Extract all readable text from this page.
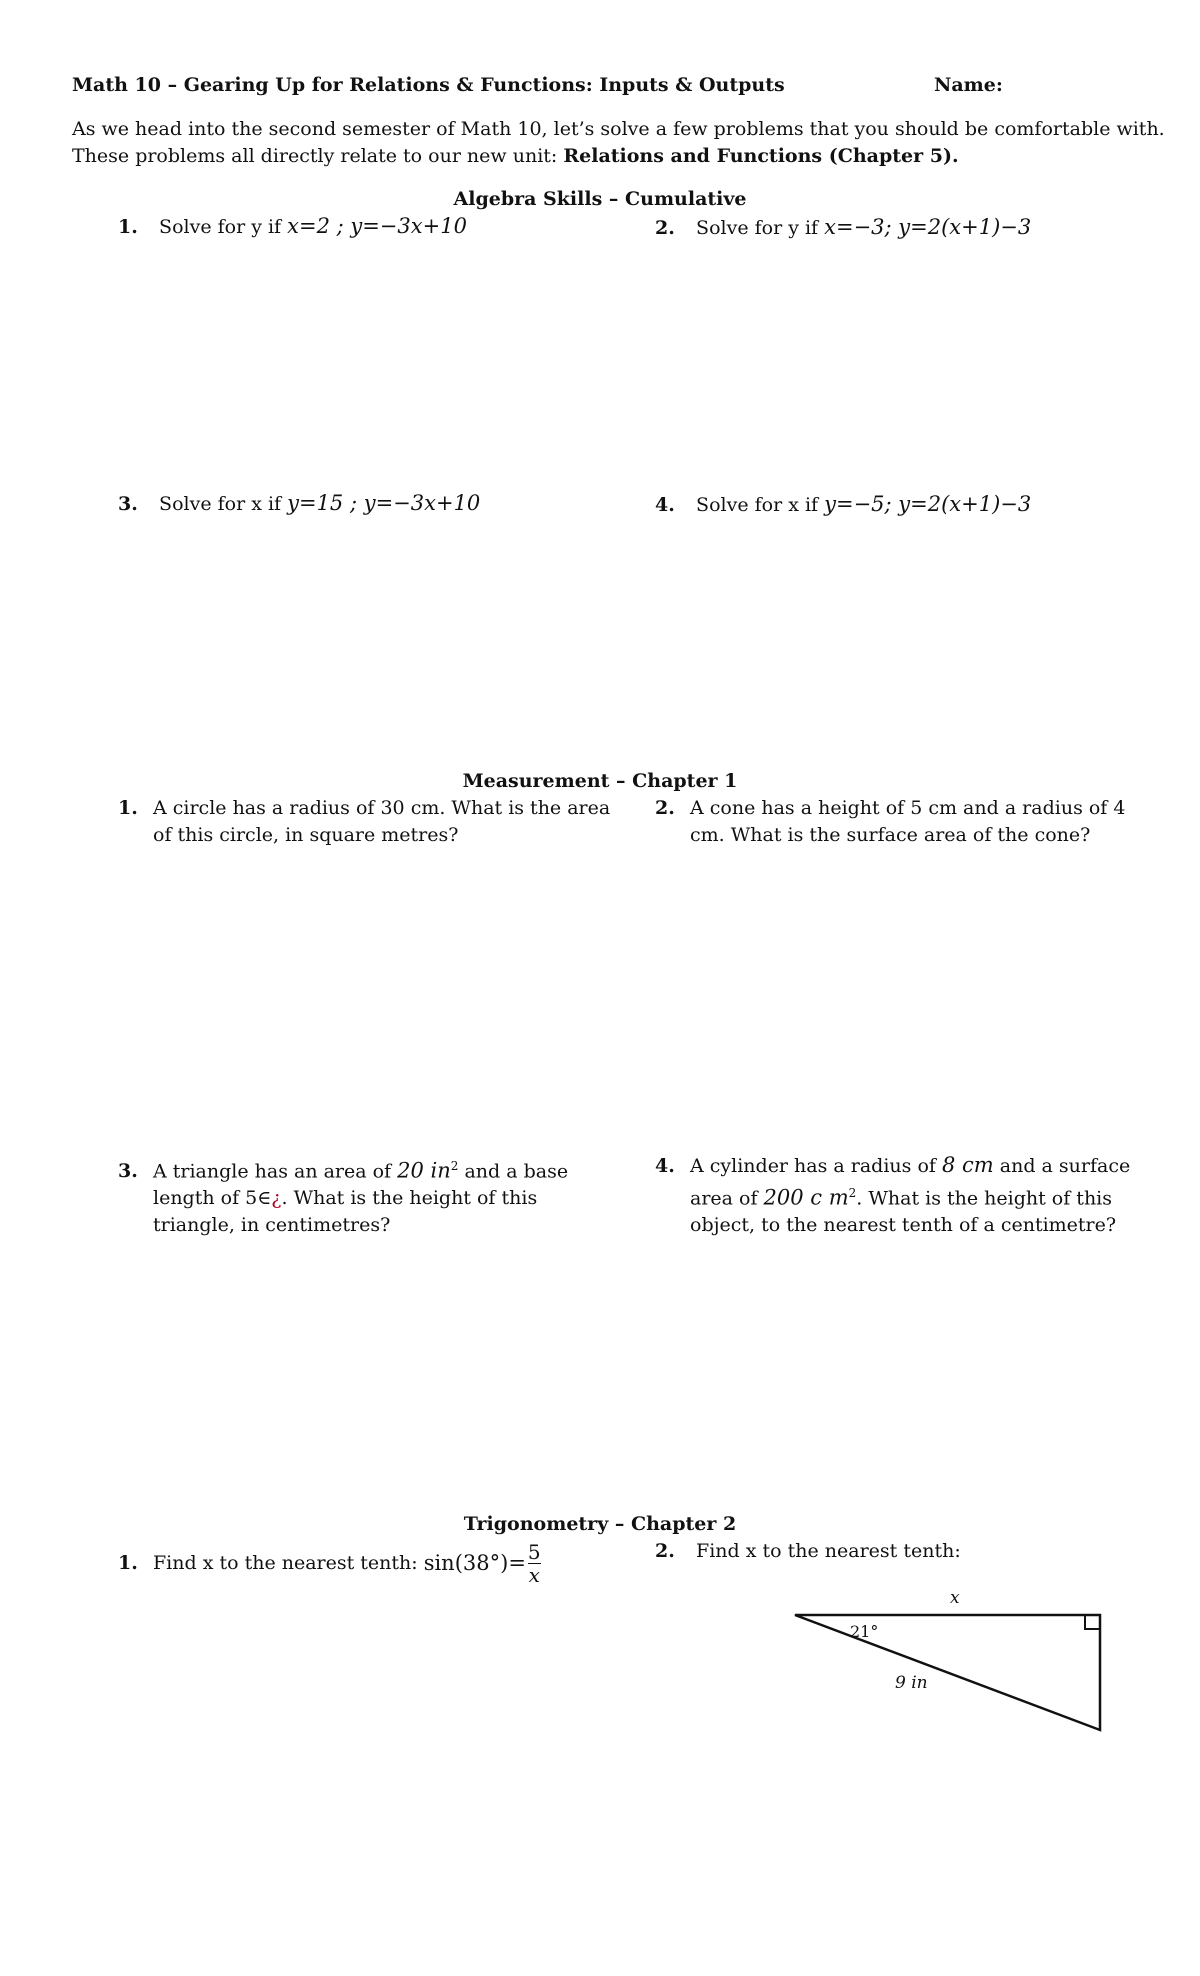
Math 10 – Gearing Up for Relations & Functions: Inputs & Outputs	Name:
As we head into the second semester of Math 10, let’s solve a few problems that you should be comfortable with.
These problems all directly relate to our new unit: Relations and Functions (Chapter 5).
Algebra Skills – Cumulative
1. Solve for y if x=2 ; y=−3x+10	2. Solve for y if x=−3; y=2(x+1)−3
3. Solve for x if y=15 ; y=−3x+10	4. Solve for x if y=−5; y=2(x+1)−3
Measurement – Chapter 1
1. A circle has a radius of 30 cm. What is the area of this circle, in square metres?
2. A cone has a height of 5 cm and a radius of 4 cm. What is the surface area of the cone?
3. A triangle has an area of 20 $in^2$ and a base length of 5∈¿. What is the height of this triangle, in centimetres?
4. A cylinder has a radius of 8 cm and a surface area of 200 c $m^2$. What is the height of this object, to the nearest tenth of a centimetre?
Trigonometry – Chapter 2
1. Find x to the nearest tenth: $\sin(38^\circ)= \frac{5}{x}$	2. Find x to the nearest tenth:
x
21°
9 in
